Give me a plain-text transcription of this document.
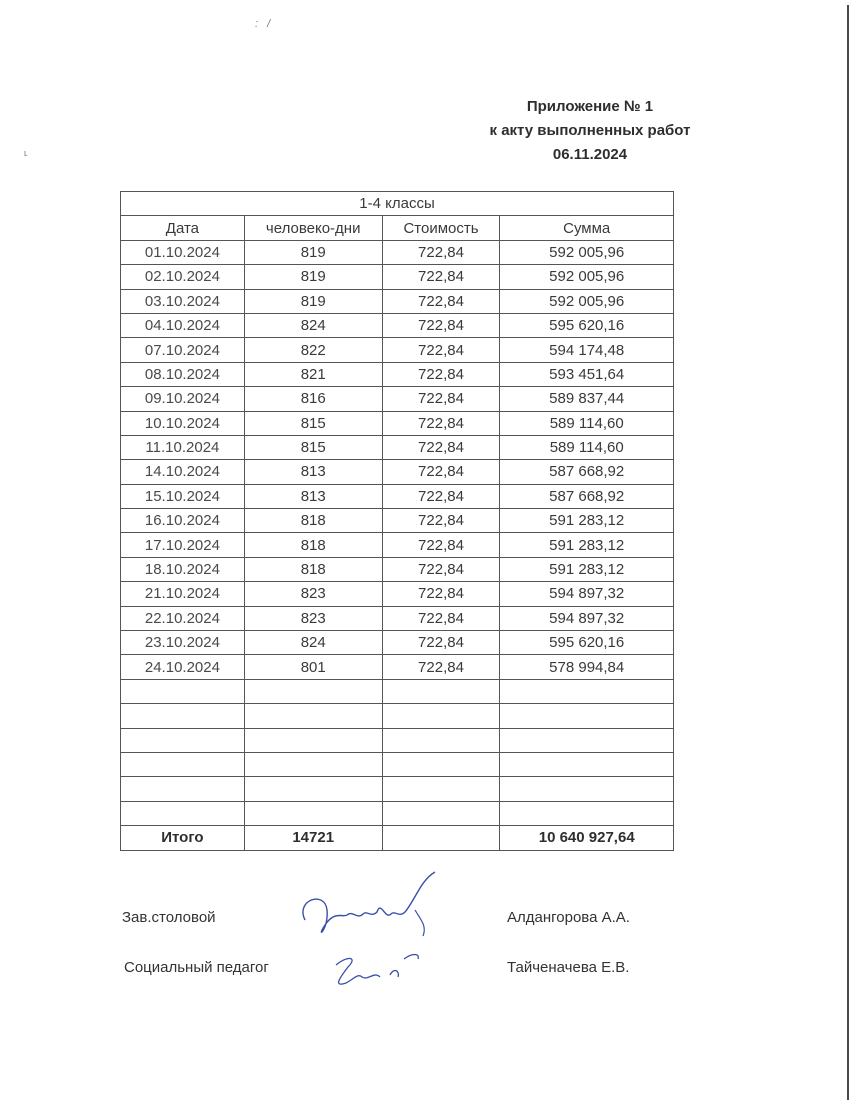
: /
ʟ
Приложение № 1
к акту выполненных работ
06.11.2024
1-4 классы			
Дата	человеко-дни	Стоимость	Сумма
01.10.2024	819	722,84	592 005,96
02.10.2024	819	722,84	592 005,96
03.10.2024	819	722,84	592 005,96
04.10.2024	824	722,84	595 620,16
07.10.2024	822	722,84	594 174,48
08.10.2024	821	722,84	593 451,64
09.10.2024	816	722,84	589 837,44
10.10.2024	815	722,84	589 114,60
11.10.2024	815	722,84	589 114,60
14.10.2024	813	722,84	587 668,92
15.10.2024	813	722,84	587 668,92
16.10.2024	818	722,84	591 283,12
17.10.2024	818	722,84	591 283,12
18.10.2024	818	722,84	591 283,12
21.10.2024	823	722,84	594 897,32
22.10.2024	823	722,84	594 897,32
23.10.2024	824	722,84	595 620,16
24.10.2024	801	722,84	578 994,84

Итого	14721		10 640 927,64
Зав.столовой	Алдангорова А.А.
Социальный педагог	Тайченачева Е.В.
